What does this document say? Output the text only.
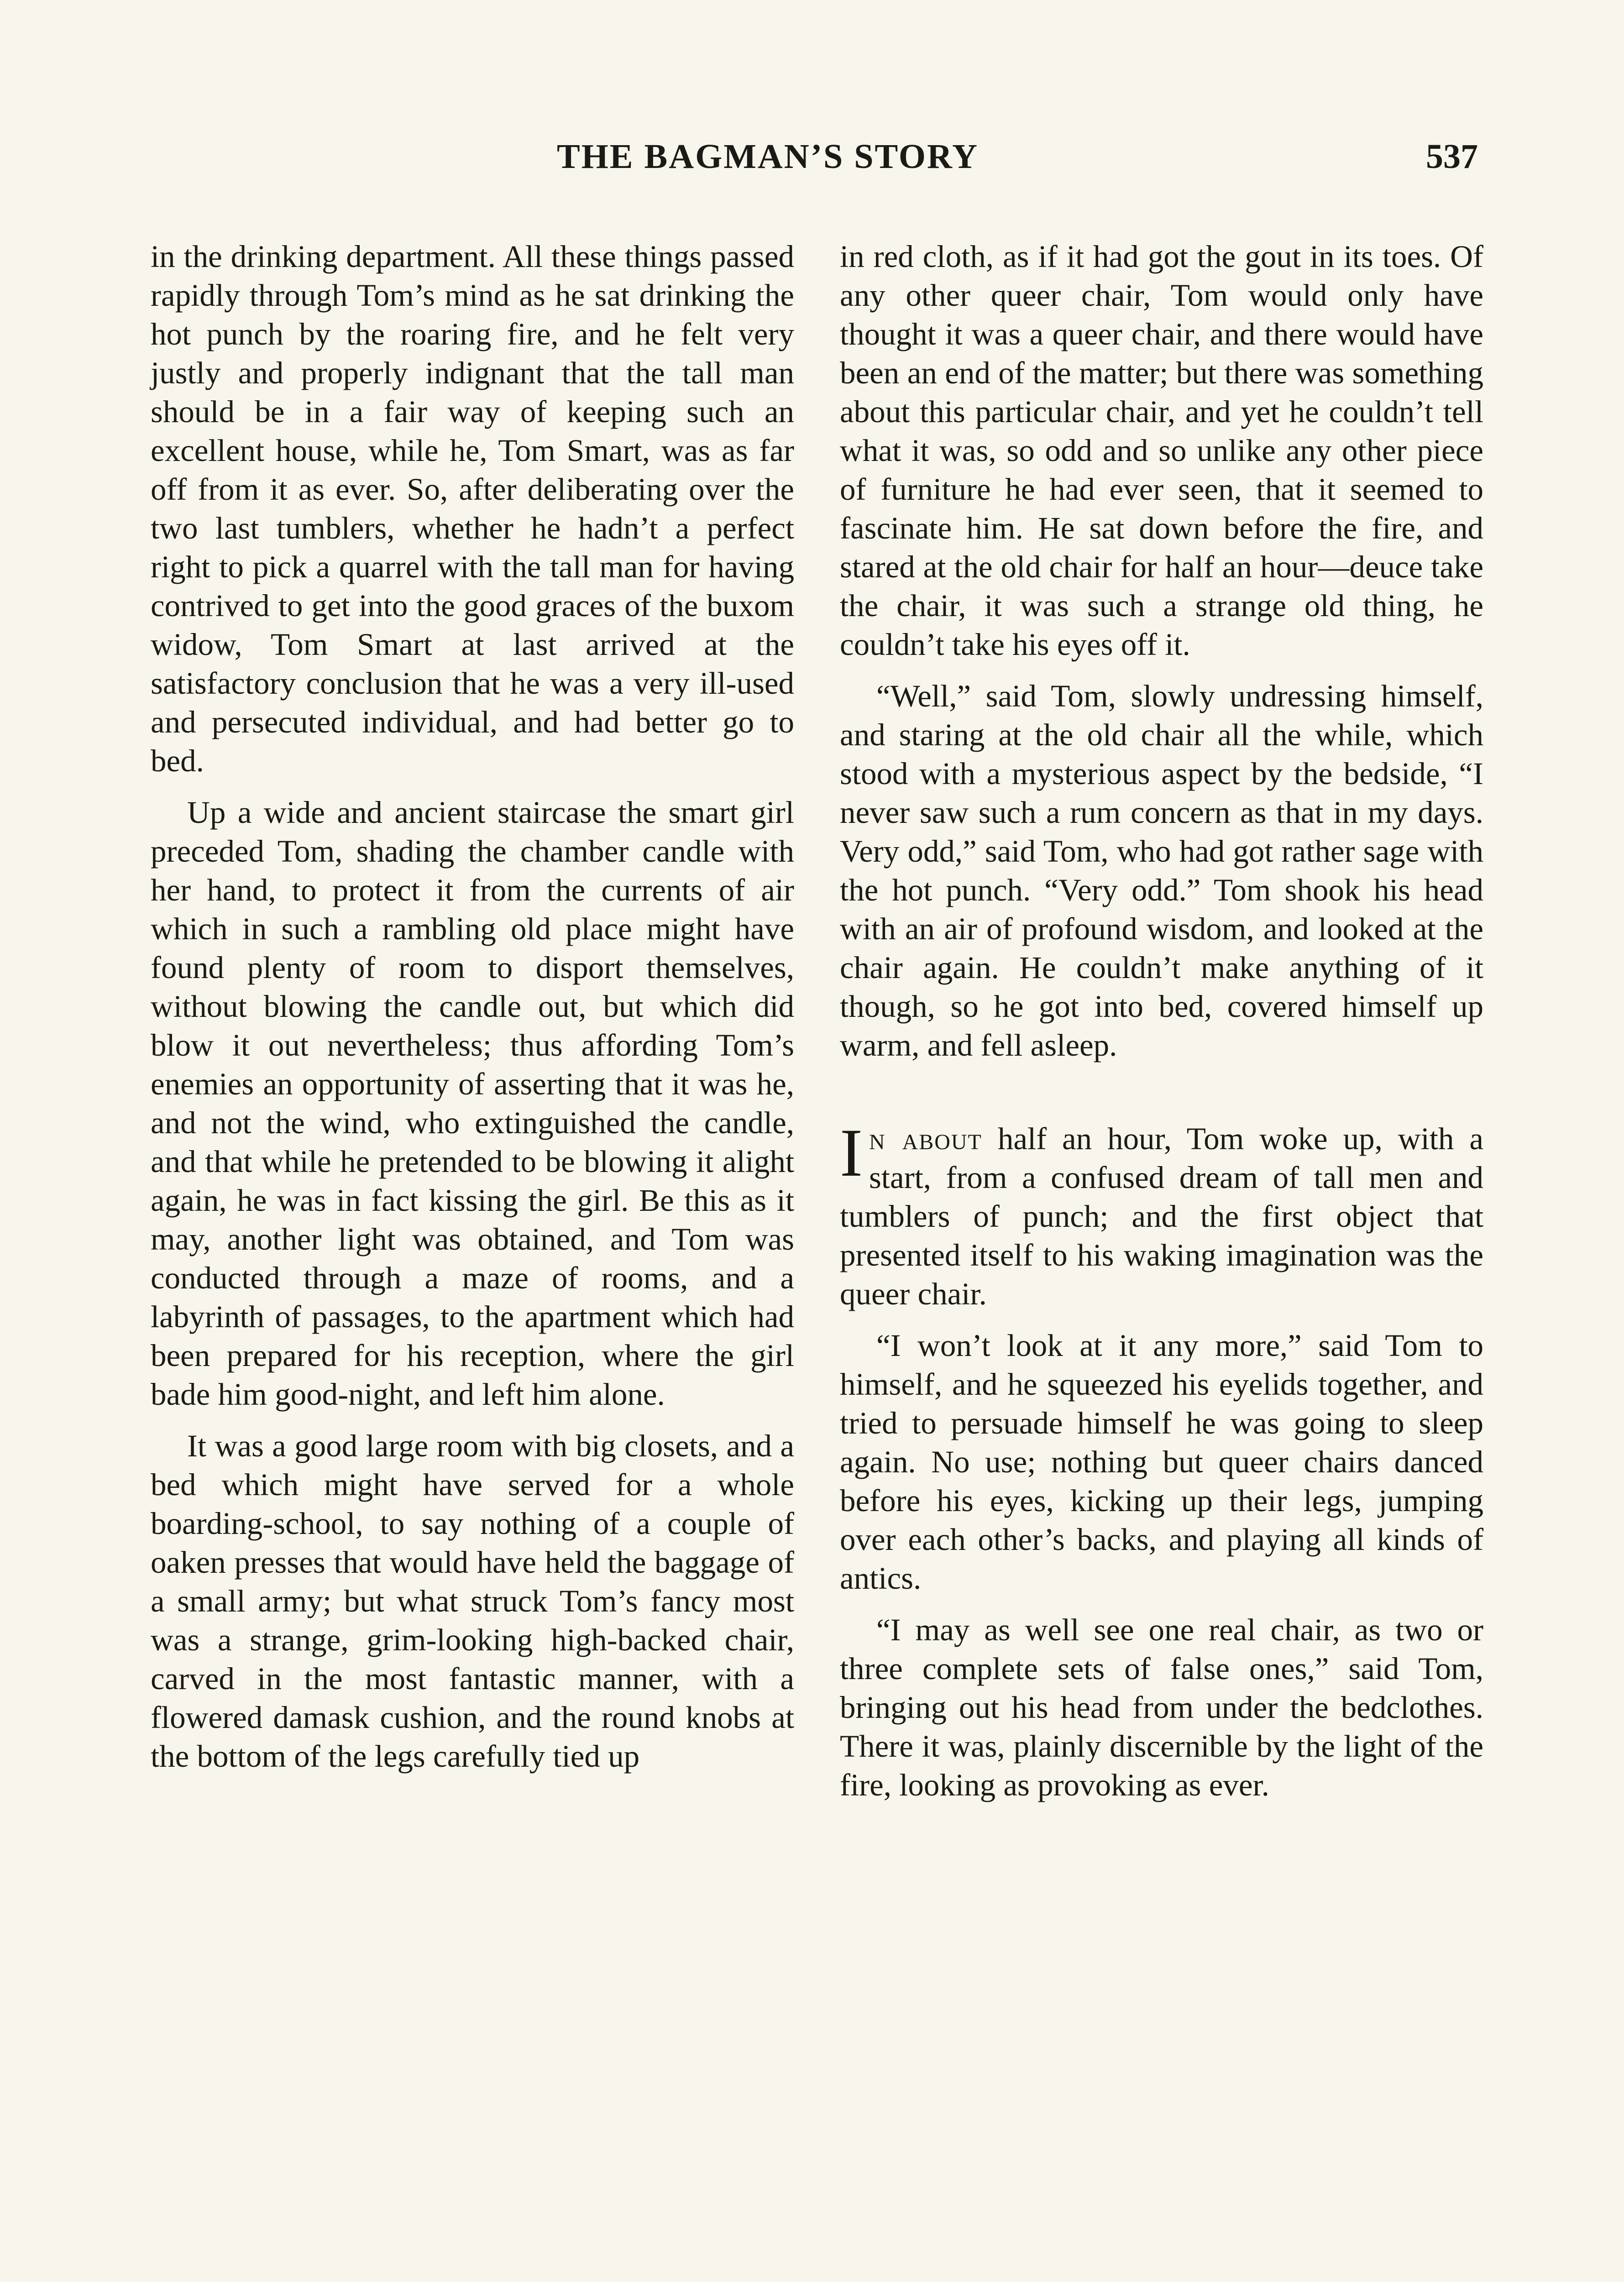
THE BAGMAN’S STORY	537

in the drinking department. All these things passed rapidly through Tom’s mind as he sat drinking the hot punch by the roaring fire, and he felt very justly and properly indignant that the tall man should be in a fair way of keeping such an excellent house, while he, Tom Smart, was as far off from it as ever. So, after deliberating over the two last tumblers, whether he hadn’t a perfect right to pick a quarrel with the tall man for having contrived to get into the good graces of the buxom widow, Tom Smart at last arrived at the satisfactory conclusion that he was a very ill-used and persecuted individual, and had better go to bed.

Up a wide and ancient staircase the smart girl preceded Tom, shading the chamber candle with her hand, to protect it from the currents of air which in such a rambling old place might have found plenty of room to disport themselves, without blowing the candle out, but which did blow it out nevertheless; thus affording Tom’s enemies an opportunity of asserting that it was he, and not the wind, who extinguished the candle, and that while he pretended to be blowing it alight again, he was in fact kissing the girl. Be this as it may, another light was obtained, and Tom was conducted through a maze of rooms, and a labyrinth of passages, to the apartment which had been prepared for his reception, where the girl bade him good-night, and left him alone.

It was a good large room with big closets, and a bed which might have served for a whole boarding-school, to say nothing of a couple of oaken presses that would have held the baggage of a small army; but what struck Tom’s fancy most was a strange, grim-looking high-backed chair, carved in the most fantastic manner, with a flowered damask cushion, and the round knobs at the bottom of the legs carefully tied up

in red cloth, as if it had got the gout in its toes. Of any other queer chair, Tom would only have thought it was a queer chair, and there would have been an end of the matter; but there was something about this particular chair, and yet he couldn’t tell what it was, so odd and so unlike any other piece of furniture he had ever seen, that it seemed to fascinate him. He sat down before the fire, and stared at the old chair for half an hour—deuce take the chair, it was such a strange old thing, he couldn’t take his eyes off it.

“Well,” said Tom, slowly undressing himself, and staring at the old chair all the while, which stood with a mysterious aspect by the bedside, “I never saw such a rum concern as that in my days. Very odd,” said Tom, who had got rather sage with the hot punch. “Very odd.” Tom shook his head with an air of profound wisdom, and looked at the chair again. He couldn’t make anything of it though, so he got into bed, covered himself up warm, and fell asleep.

In about half an hour, Tom woke up, with a start, from a confused dream of tall men and tumblers of punch; and the first object that presented itself to his waking imagination was the queer chair.

“I won’t look at it any more,” said Tom to himself, and he squeezed his eyelids together, and tried to persuade himself he was going to sleep again. No use; nothing but queer chairs danced before his eyes, kicking up their legs, jumping over each other’s backs, and playing all kinds of antics.

“I may as well see one real chair, as two or three complete sets of false ones,” said Tom, bringing out his head from under the bedclothes. There it was, plainly discernible by the light of the fire, looking as provoking as ever.
